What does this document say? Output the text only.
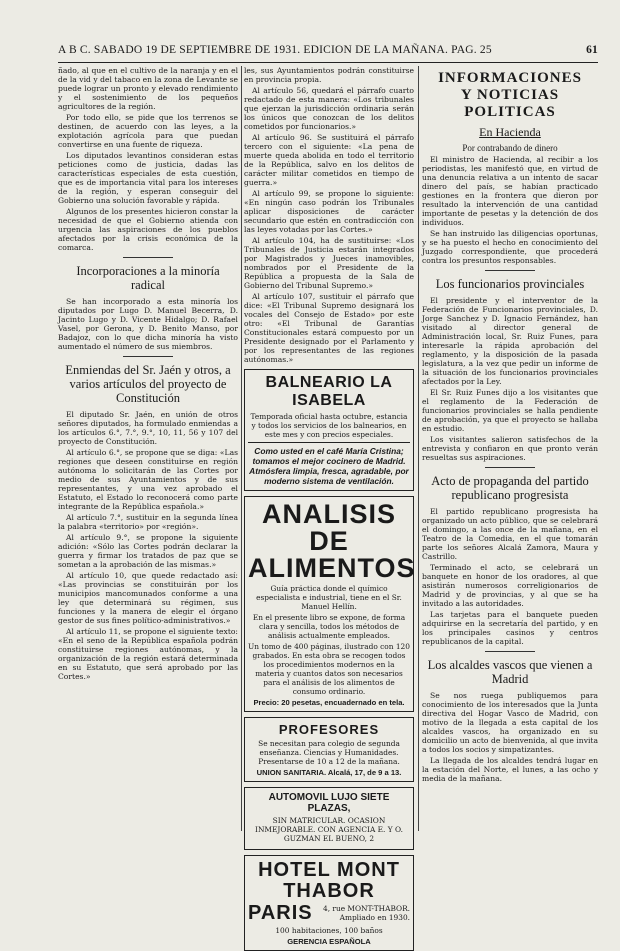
A B C. SABADO 19 DE SEPTIEMBRE DE 1931. EDICION DE LA MAÑANA. PAG. 25	61

ñado, al que en el cultivo de la naranja y en el de la vid y del tabaco en la zona de Levante se puede lograr un pronto y elevado rendimiento y el sostenimiento de los pequeños agricultores de la región.

Por todo ello, se pide que los terrenos se destinen, de acuerdo con las leyes, a la explotación agrícola para que puedan convertirse en una fuente de riqueza.

Los diputados levantinos consideran estas peticiones como de justicia, dadas las características especiales de esta cuestión, que es de importancia vital para los intereses de la región, y esperan conseguir del Gobierno una solución favorable y rápida.

Algunos de los presentes hicieron constar la necesidad de que el Gobierno atienda con urgencia las aspiraciones de los pueblos afectados por la crisis económica de la comarca.

Incorporaciones a la minoría radical

Se han incorporado a esta minoría los diputados por Lugo D. Manuel Becerra, D. Jacinto Lugo y D. Vicente Hidalgo; D. Rafael Vasel, por Gerona, y D. Benito Manso, por Badajoz, con lo que dicha minoría ha visto aumentado el número de sus miembros.

Enmiendas del Sr. Jaén y otros, a varios artículos del proyecto de Constitución

El diputado Sr. Jaén, en unión de otros señores diputados, ha formulado enmiendas a los artículos 6.°, 7.°, 9.°, 10, 11, 56 y 107 del proyecto de Constitución.

Al artículo 6.°, se propone que se diga: «Las regiones que deseen constituirse en región autónoma lo solicitarán de las Cortes por medio de sus Ayuntamientos y de sus representantes, y una vez aprobado el Estatuto, el Estado lo reconocerá como parte integrante de la República española.»

Al artículo 7.°, sustituir en la segunda línea la palabra «territorio» por «región».

Al artículo 9.°, se propone la siguiente adición: «Sólo las Cortes podrán declarar la guerra y firmar los tratados de paz que se sometan a la aprobación de las mismas.»

Al artículo 10, que quede redactado así: «Las provincias se constituirán por los municipios mancomunados conforme a una ley que determinará su régimen, sus funciones y la manera de elegir el órgano gestor de sus fines político-administrativos.»

Al artículo 11, se propone el siguiente texto: «En el seno de la República española podrán constituirse regiones autónomas, y la organización de la región estará determinada en su Estatuto, que será aprobado por las Cortes.»

les, sus Ayuntamientos podrán constituirse en provincia propia.

Al artículo 56, quedará el párrafo cuarto redactado de esta manera: «Los tribunales que ejerzan la jurisdicción ordinaria serán los únicos que conozcan de los delitos cometidos por funcionarios.»

Al artículo 96. Se sustituirá el párrafo tercero con el siguiente: «La pena de muerte queda abolida en todo el territorio de la República, salvo en los delitos de carácter militar cometidos en tiempo de guerra.»

Al artículo 99, se propone lo siguiente: «En ningún caso podrán los Tribunales aplicar disposiciones de carácter secundario que estén en contradicción con las leyes votadas por las Cortes.»

Al artículo 104, ha de sustituirse: «Los Tribunales de Justicia estarán integrados por Magistrados y Jueces inamovibles, nombrados por el Presidente de la República a propuesta de la Sala de Gobierno del Tribunal Supremo.»

Al artículo 107, sustituir el párrafo que dice: «El Tribunal Supremo designará los vocales del Consejo de Estado» por este otro: «El Tribunal de Garantías Constitucionales estará compuesto por un Presidente designado por el Parlamento y por los representantes de las regiones autónomas.»

BALNEARIO LA ISABELA
Temporada oficial hasta octubre, estancia y todos los servicios de los balnearios, en este mes y con precios especiales.
Como usted en el café María Cristina; tomamos el mejor cocinero de Madrid. Atmósfera limpia, fresca, agradable, por moderno sistema de ventilación.
ANALISIS DE
ALIMENTOS
Guía práctica donde el químico especialista e industrial, tiene en el Sr. Manuel Hellín.
En el presente libro se expone, de forma clara y sencilla, todos los métodos de análisis actualmente empleados.
Un tomo de 400 páginas, ilustrado con 120 grabados. En esta obra se recogen todos los procedimientos modernos en la materia y cuantos datos son necesarios para el análisis de los alimentos de consumo ordinario.
Precio: 20 pesetas, encuadernado en tela.
PROFESORES
Se necesitan para colegio de segunda enseñanza. Ciencias y Humanidades. Presentarse de 10 a 12 de la mañana.
UNION SANITARIA. Alcalá, 17, de 9 a 13.
AUTOMOVIL LUJO SIETE PLAZAS,
SIN MATRICULAR. OCASION INMEJORABLE. CON AGENCIA E. Y O. GUZMAN EL BUENO, 2
HOTEL MONT THABOR
PARIS	4, rue MONT-THABOR. Ampliado en 1930.
100 habitaciones, 100 baños
GERENCIA ESPAÑOLA
INFORMACIONES
Y NOTICIAS POLITICAS
En Hacienda
Por contrabando de dinero

El ministro de Hacienda, al recibir a los periodistas, les manifestó que, en virtud de una denuncia relativa a un intento de sacar dinero del país, se habían practicado gestiones en la frontera que dieron por resultado la intervención de una cantidad importante de pesetas y la detención de dos individuos.

Se han instruido las diligencias oportunas, y se ha puesto el hecho en conocimiento del Juzgado correspondiente, que procederá contra los presuntos responsables.

Los funcionarios provinciales

El presidente y el interventor de la Federación de Funcionarios provinciales, D. Jorge Sanchez y D. Ignacio Fernández, han visitado al director general de Administración local, Sr. Ruiz Funes, para interesarle la rápida aprobación del reglamento, y la disposición de la pasada legislatura, a la vez que pedir un informe de la situación de los funcionarios provinciales afectados por la Ley.

El Sr. Ruiz Funes dijo a los visitantes que el reglamento de la Federación de funcionarios provinciales se halla pendiente de aprobación, ya que el proyecto se hallaba en estudio.

Los visitantes salieron satisfechos de la entrevista y confiaron en que pronto verán resueltas sus aspiraciones.

Acto de propaganda del partido republicano progresista

El partido republicano progresista ha organizado un acto público, que se celebrará el domingo, a las once de la mañana, en el Teatro de la Comedia, en el que tomarán parte los señores Alcalá Zamora, Maura y Castrillo.

Terminado el acto, se celebrará un banquete en honor de los oradores, al que asistirán numerosos correligionarios de Madrid y de provincias, y al que se ha invitado a las autoridades.

Las tarjetas para el banquete pueden adquirirse en la secretaría del partido, y en los principales casinos y centros republicanos de la capital.

Los alcaldes vascos que vienen a Madrid

Se nos ruega publiquemos para conocimiento de los interesados que la Junta directiva del Hogar Vasco de Madrid, con motivo de la llegada a esta capital de los alcaldes vascos, ha organizado en su domicilio un acto de bienvenida, al que invita a todos los socios y simpatizantes.

La llegada de los alcaldes tendrá lugar en la estación del Norte, el lunes, a las ocho y media de la mañana.
